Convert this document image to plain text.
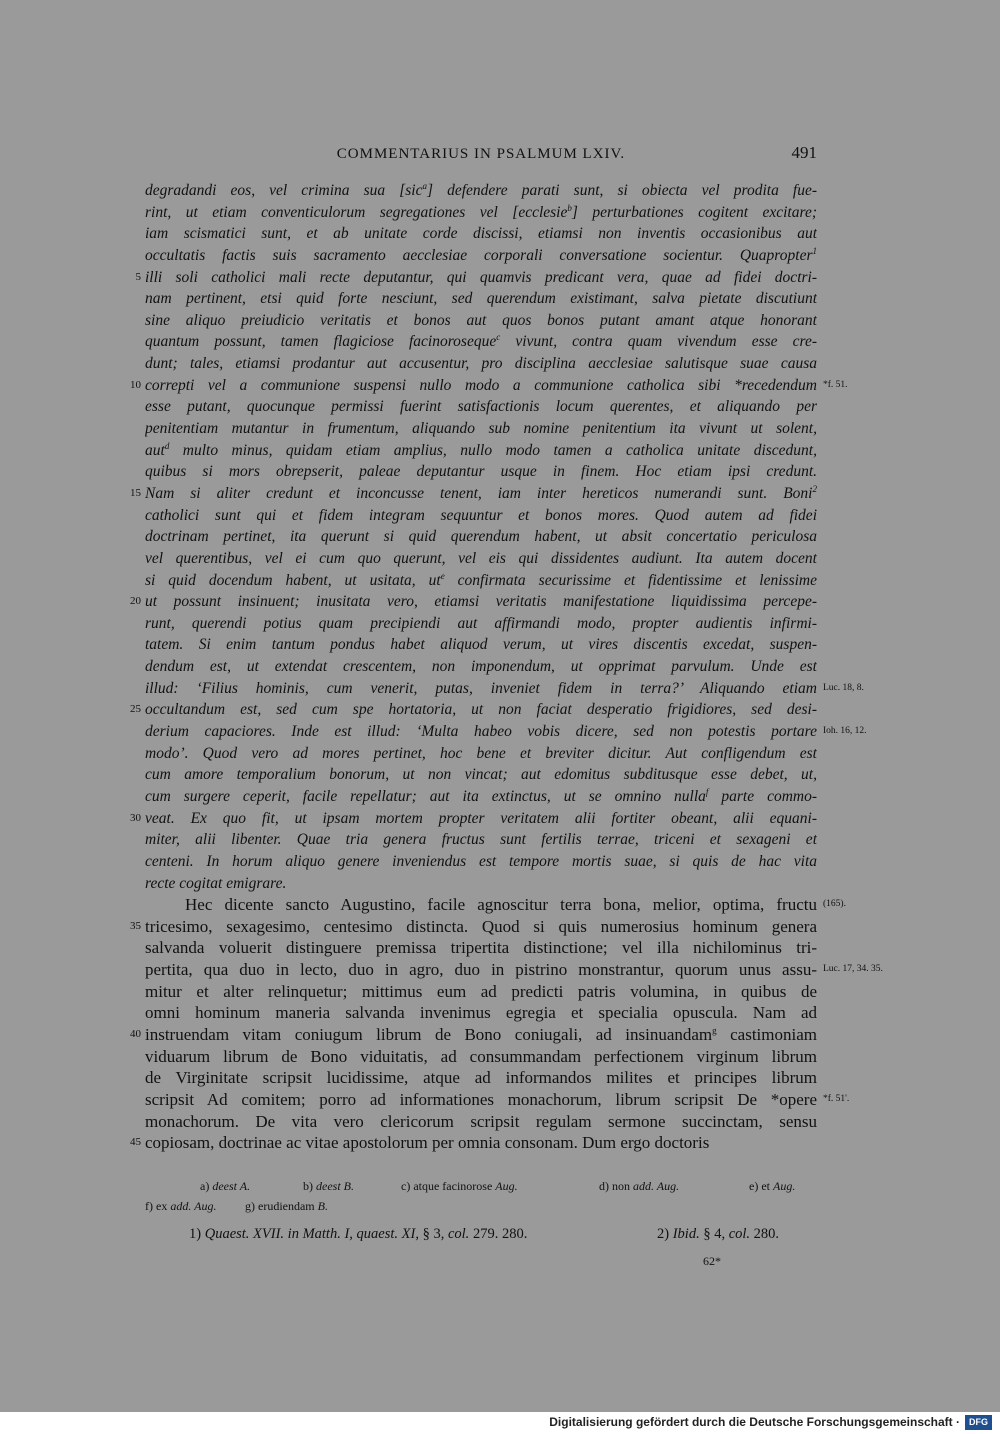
COMMENTARIUS IN PSALMUM LXIV.	491
degradandi eos, vel crimina sua [sic$^a$] defendere parati sunt, si obiecta vel prodita fue-
rint, ut etiam conventiculorum segregationes vel [ecclesie$^b$] perturbationes cogitent excitare;
iam scismatici sunt, et ab unitate corde discissi, etiamsi non inventis occasionibus aut
occultatis factis suis sacramento aecclesiae corporali conversatione socientur. Quapropter$^1$
5 illi soli catholici mali recte deputantur, qui quamvis predicant vera, quae ad fidei doctri-
nam pertinent, etsi quid forte nesciunt, sed querendum existimant, salva pietate discutiunt
sine aliquo preiudicio veritatis et bonos aut quos bonos putant amant atque honorant
quantum possunt, tamen flagiciose facinoroseque$^c$ vivunt, contra quam vivendum esse cre-
dunt; tales, etiamsi prodantur aut accusentur, pro disciplina aecclesiae salutisque suae causa
10 correpti vel a communione suspensi nullo modo a communione catholica sibi *recedendum *f. 51.
esse putant, quocunque permissi fuerint satisfactionis locum querentes, et aliquando per
penitentiam mutantur in frumentum, aliquando sub nomine penitentium ita vivunt ut solent,
aut$^d$ multo minus, quidam etiam amplius, nullo modo tamen a catholica unitate discedunt,
quibus si mors obrepserit, paleae deputantur usque in finem. Hoc etiam ipsi credunt.
15 Nam si aliter credunt et inconcusse tenent, iam inter hereticos numerandi sunt. Boni$^2$
catholici sunt qui et fidem integram sequuntur et bonos mores. Quod autem ad fidei
doctrinam pertinet, ita querunt si quid querendum habent, ut absit concertatio periculosa
vel querentibus, vel ei cum quo querunt, vel eis qui dissidentes audiunt. Ita autem docent
si quid docendum habent, ut usitata, $ut^e$ confirmata securissime et fidentissime et lenissime
20 ut possunt insinuent; inusitata vero, etiamsi veritatis manifestatione liquidissima percepe-
runt, querendi potius quam precipiendi aut affirmandi modo, propter audientis infirmi-
tatem. Si enim tantum pondus habet aliquod verum, ut vires discentis excedat, suspen-
dendum est, ut extendat crescentem, non imponendum, ut opprimat parvulum. Unde est
illud: ‘Filius hominis, cum venerit, putas, inveniet fidem in terra?’ Aliquando etiam Luc. 18, 8.
25 occultandum est, sed cum spe hortatoria, ut non faciat desperatio frigidiores, sed desi-
derium capaciores. Inde est illud: ‘Multa habeo vobis dicere, sed non potestis portare Ioh. 16, 12.
modo’. Quod vero ad mores pertinet, hoc bene et breviter dicitur. Aut confligendum est
cum amore temporalium bonorum, ut non vincat; aut edomitus subditusque esse debet, ut,
cum surgere ceperit, facile repellatur; aut ita extinctus, ut se omnino nulla$^f$ parte commo-
30 veat. Ex quo fit, ut ipsam mortem propter veritatem alii fortiter obeant, alii equani-
miter, alii libenter. Quae tria genera fructus sunt fertilis terrae, triceni et sexageni et
centeni. In horum aliquo genere inveniendus est tempore mortis suae, si quis de hac vita
recte cogitat emigrare.
Hec dicente sancto Augustino, facile agnoscitur terra bona, melior, optima, fructu (165).
35 tricesimo, sexagesimo, centesimo distincta. Quod si quis numerosius hominum genera
salvanda voluerit distinguere premissa tripertita distinctione; vel illa nichilominus tri-
pertita, qua duo in lecto, duo in agro, duo in pistrino monstrantur, quorum unus assu- Luc. 17, 34. 35.
mitur et alter relinquetur; mittimus eum ad predicti patris volumina, in quibus de
omni hominum maneria salvanda invenimus egregia et specialia opuscula. Nam ad
40 instruendam vitam coniugum librum de Bono coniugali, ad insinuandam$^g$ castimoniam
viduarum librum de Bono viduitatis, ad consummandam perfectionem virginum librum
de Virginitate scripsit lucidissime, atque ad informandos milites et principes librum
scripsit Ad comitem; porro ad informationes monachorum, librum scripsit De *opere *f. 51'.
monachorum. De vita vero clericorum scripsit regulam sermone succinctam, sensu
45 copiosam, doctrinae ac vitae apostolorum per omnia consonam. Dum ergo doctoris
a) deest A.	b) deest B.	c) atque facinorose Aug.	d) non add. Aug.	e) et Aug.
f) ex add. Aug. g) erudiendam B.
1) Quaest. XVII. in Matth. I, quaest. XI, § 3, col. 279. 280.	2) Ibid. § 4, col. 280.
62*
Digitalisierung gefördert durch die Deutsche Forschungsgemeinschaft ·	DFG
